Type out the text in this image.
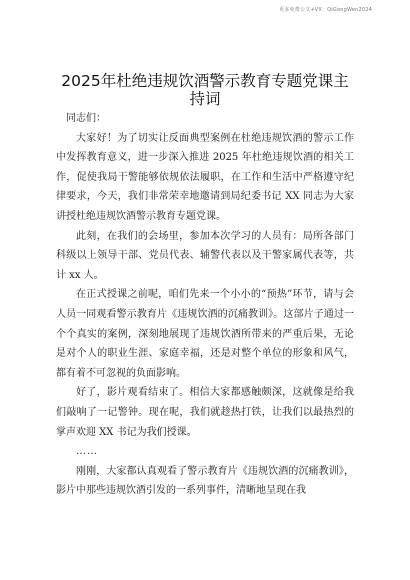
更多免费公文+VX：QiGongWen2024
2025年杜绝违规饮酒警示教育专题党课主持词

同志们：

大家好！为了切实让反面典型案例在杜绝违规饮酒的警示工作中发挥教育意义，进一步深入推进 2025 年杜绝违规饮酒的相关工作，促使我局干警能够依规依法履职，在工作和生活中严格遵守纪律要求，今天，我们非常荣幸地邀请到局纪委书记 XX 同志为大家讲授杜绝违规饮酒警示教育专题党课。

此刻，在我们的会场里，参加本次学习的人员有：局所各部门科级以上领导干部、党员代表、辅警代表以及干警家属代表等，共计 xx 人。

在正式授课之前呢，咱们先来一个小小的“预热”环节，请与会人员一同观看警示教育片《违规饮酒的沉痛教训》。这部片子通过一个个真实的案例，深刻地展现了违规饮酒所带来的严重后果，无论是对个人的职业生涯、家庭幸福，还是对整个单位的形象和风气，都有着不可忽视的负面影响。

好了，影片观看结束了。相信大家都感触颇深，这就像是给我们敲响了一记警钟。现在呢，我们就趁热打铁，让我们以最热烈的掌声欢迎 XX 书记为我们授课。

……

刚刚，大家都认真观看了警示教育片《违规饮酒的沉痛教训》，影片中那些违规饮酒引发的一系列事件，清晰地呈现在我
